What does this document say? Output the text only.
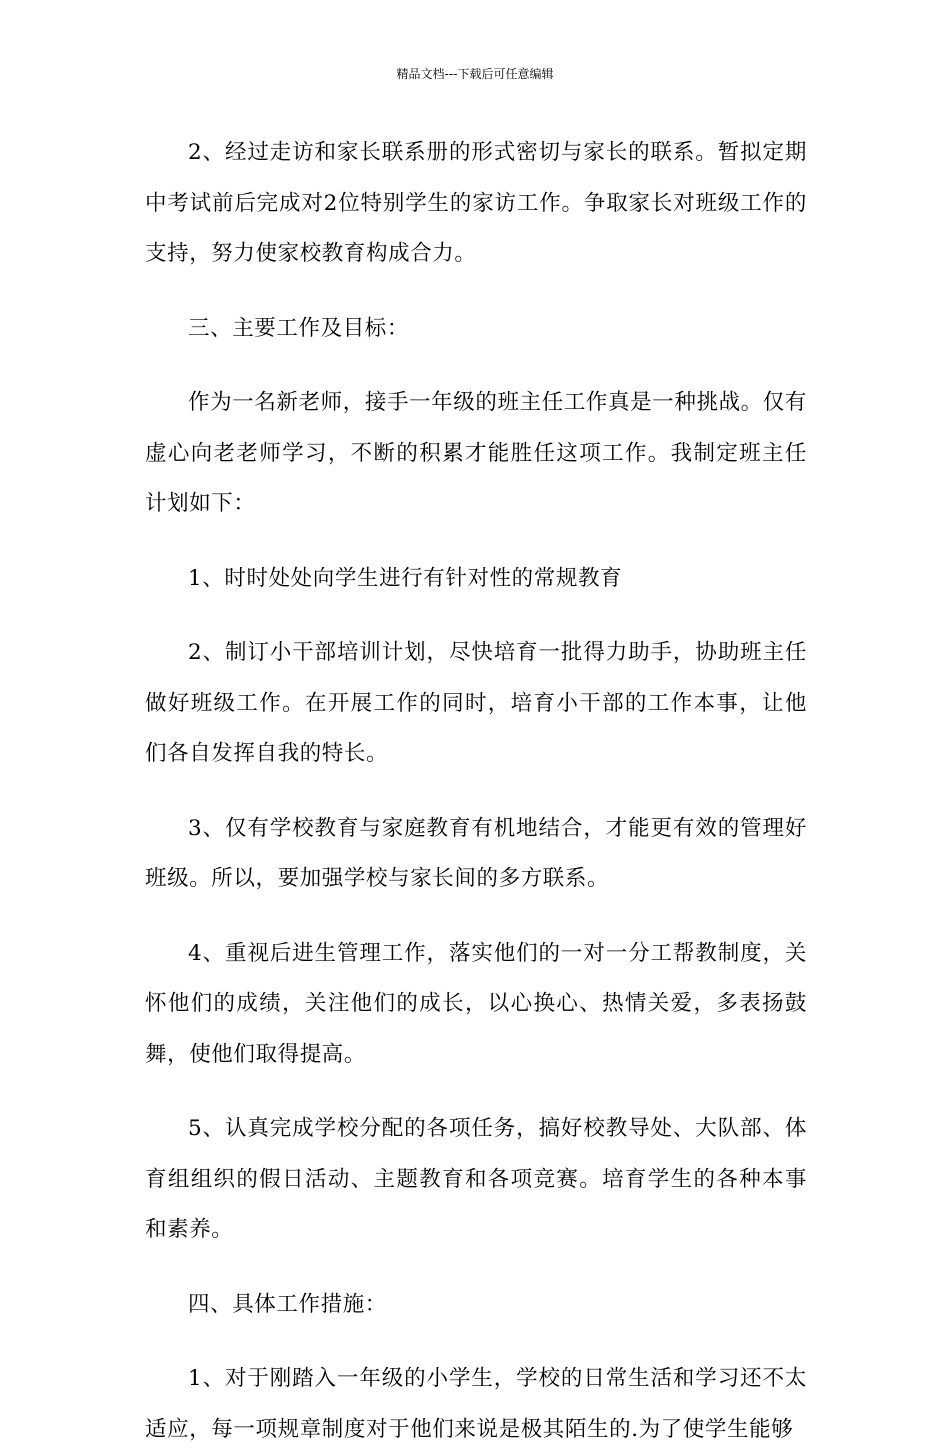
精品文档---下载后可任意编辑

2、经过走访和家长联系册的形式密切与家长的联系。暂拟定期中考试前后完成对2位特别学生的家访工作。争取家长对班级工作的支持，努力使家校教育构成合力。

三、主要工作及目标：

作为一名新老师，接手一年级的班主任工作真是一种挑战。仅有虚心向老老师学习，不断的积累才能胜任这项工作。我制定班主任计划如下：

1、时时处处向学生进行有针对性的常规教育

2、制订小干部培训计划，尽快培育一批得力助手，协助班主任做好班级工作。在开展工作的同时，培育小干部的工作本事，让他们各自发挥自我的特长。

3、仅有学校教育与家庭教育有机地结合，才能更有效的管理好班级。所以，要加强学校与家长间的多方联系。

4、重视后进生管理工作，落实他们的一对一分工帮教制度，关怀他们的成绩，关注他们的成长，以心换心、热情关爱，多表扬鼓舞，使他们取得提高。

5、认真完成学校分配的各项任务，搞好校教导处、大队部、体育组组织的假日活动、主题教育和各项竞赛。培育学生的各种本事和素养。

四、具体工作措施：

1、对于刚踏入一年级的小学生，学校的日常生活和学习还不太适应，每一项规章制度对于他们来说是极其陌生的.为了使学生能够
